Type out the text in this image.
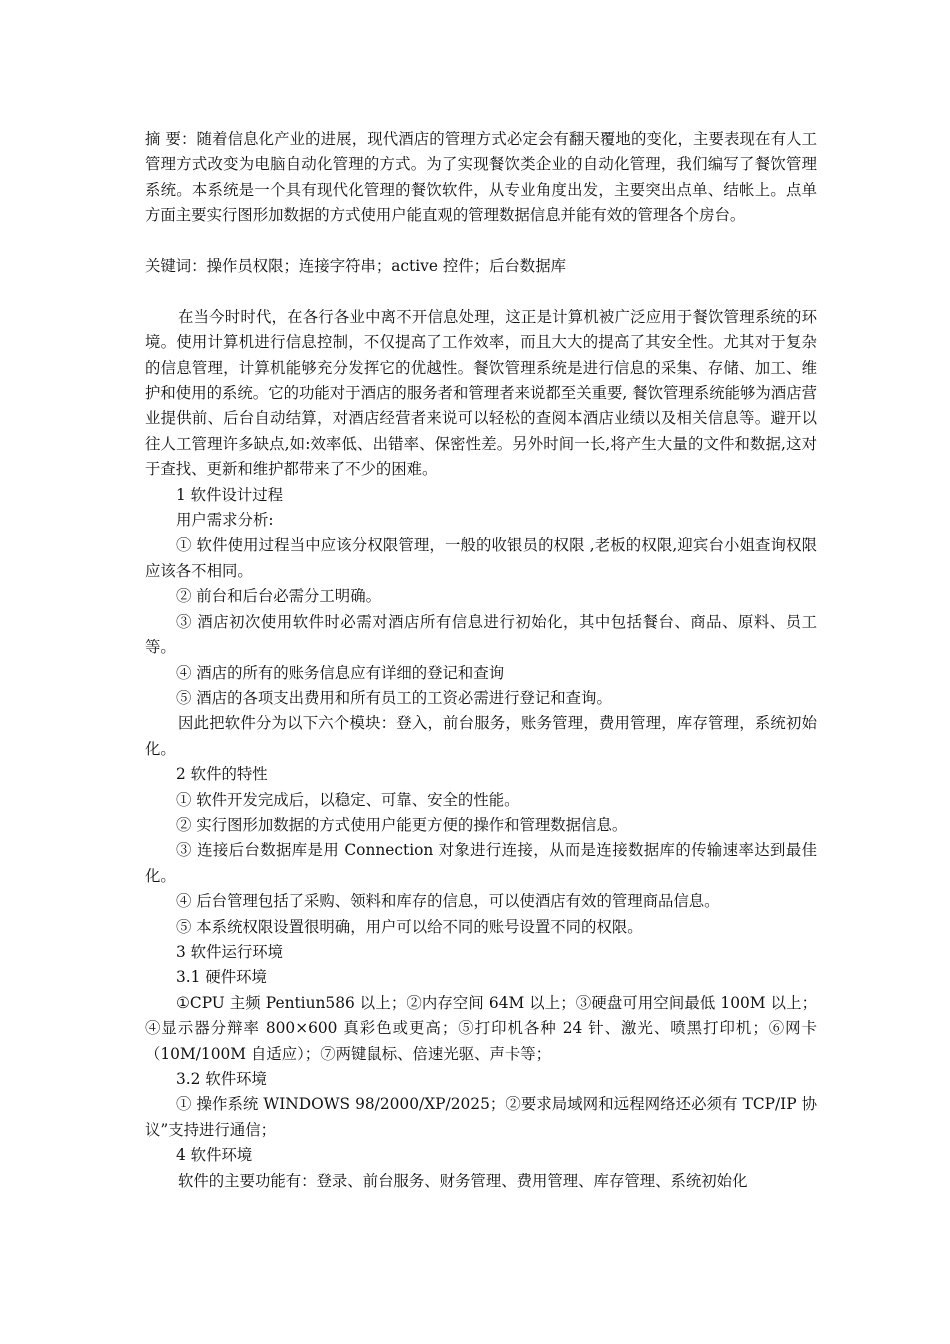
摘 要：随着信息化产业的进展，现代酒店的管理方式必定会有翻天覆地的变化，主要表现在有人工管理方式改变为电脑自动化管理的方式。为了实现餐饮类企业的自动化管理，我们编写了餐饮管理系统。本系统是一个具有现代化管理的餐饮软件，从专业角度出发，主要突出点单、结帐上。点单方面主要实行图形加数据的方式使用户能直观的管理数据信息并能有效的管理各个房台。

关键词：操作员权限；连接字符串；active 控件；后台数据库

在当今时时代，在各行各业中离不开信息处理，这正是计算机被广泛应用于餐饮管理系统的环境。使用计算机进行信息控制，不仅提高了工作效率，而且大大的提高了其安全性。尤其对于复杂的信息管理，计算机能够充分发挥它的优越性。餐饮管理系统是进行信息的采集、存储、加工、维护和使用的系统。它的功能对于酒店的服务者和管理者来说都至关重要, 餐饮管理系统能够为酒店营业提供前、后台自动结算，对酒店经营者来说可以轻松的查阅本酒店业绩以及相关信息等。避开以往人工管理许多缺点,如:效率低、出错率、保密性差。另外时间一长,将产生大量的文件和数据,这对于查找、更新和维护都带来了不少的困难。

1 软件设计过程

用户需求分析:

① 软件使用过程当中应该分权限管理，一般的收银员的权限 ,老板的权限,迎宾台小姐查询权限应该各不相同。

② 前台和后台必需分工明确。

③ 酒店初次使用软件时必需对酒店所有信息进行初始化，其中包括餐台、商品、原料、员工等。

④ 酒店的所有的账务信息应有详细的登记和查询

⑤ 酒店的各项支出费用和所有员工的工资必需进行登记和查询。

因此把软件分为以下六个模块：登入，前台服务，账务管理，费用管理，库存管理，系统初始化。

2 软件的特性

① 软件开发完成后，以稳定、可靠、安全的性能。

② 实行图形加数据的方式使用户能更方便的操作和管理数据信息。

③ 连接后台数据库是用 Connection 对象进行连接，从而是连接数据库的传输速率达到最佳化。

④ 后台管理包括了采购、领料和库存的信息，可以使酒店有效的管理商品信息。

⑤ 本系统权限设置很明确，用户可以给不同的账号设置不同的权限。

3 软件运行环境

3.1 硬件环境

①CPU 主频 Pentiun586 以上；②内存空间 64M 以上；③硬盘可用空间最低 100M 以上；④显示器分辩率 800×600 真彩色或更高；⑤打印机各种 24 针、激光、喷黑打印机；⑥网卡（10M/100M 自适应）；⑦两键鼠标、倍速光驱、声卡等；

3.2 软件环境

① 操作系统 WINDOWS 98/2000/XP/2025；②要求局域网和远程网络还必须有 TCP/IP 协议”支持进行通信；

4 软件环境

软件的主要功能有：登录、前台服务、财务管理、费用管理、库存管理、系统初始化
